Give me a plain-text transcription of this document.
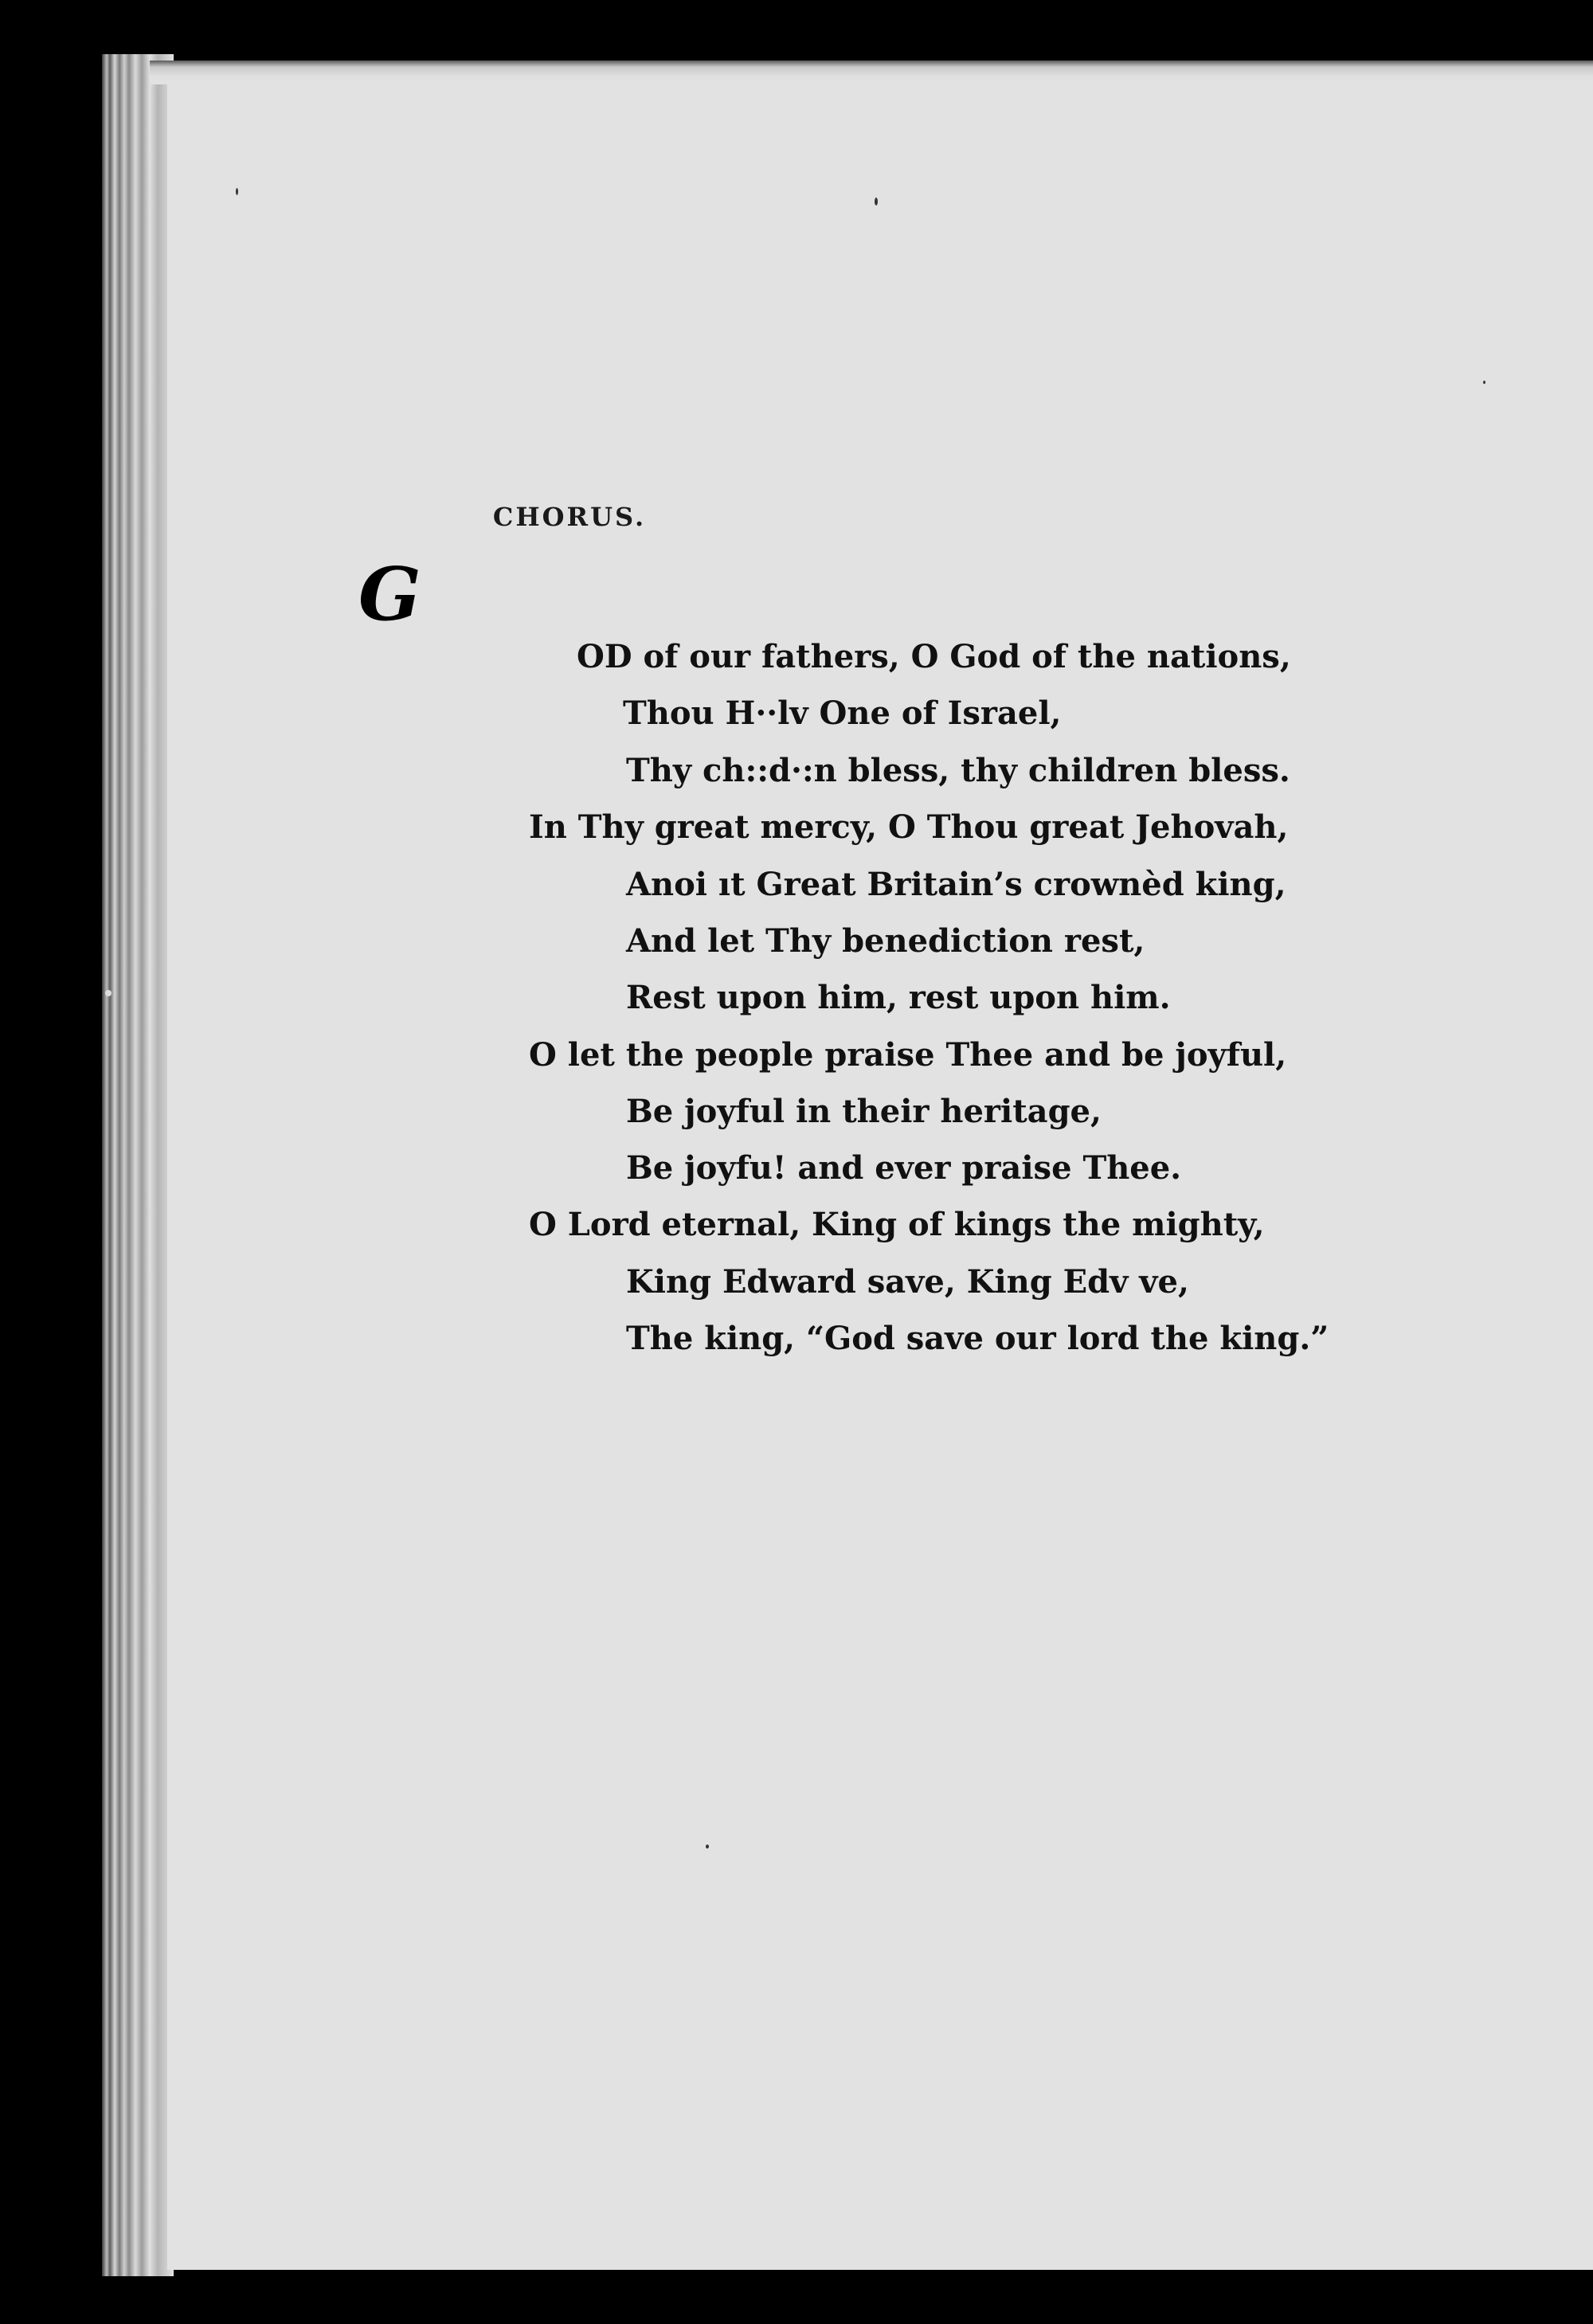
CHORUS.
G
OD of our fathers, O God of the nations,
Thou H··lv One of Israel,
Thy ch::d·:n bless, thy children bless.
In Thy great mercy, O Thou great Jehovah,
Anoi ıt Great Britain’s crownèd king,
And let Thy benediction rest,
Rest upon him, rest upon him.
O let the people praise Thee and be joyful,
Be joyful in their heritage,
Be joyfu! and ever praise Thee.
O Lord eternal, King of kings the mighty,
King Edward save, King Edv ve,
The king, “God save our lord the king.”
